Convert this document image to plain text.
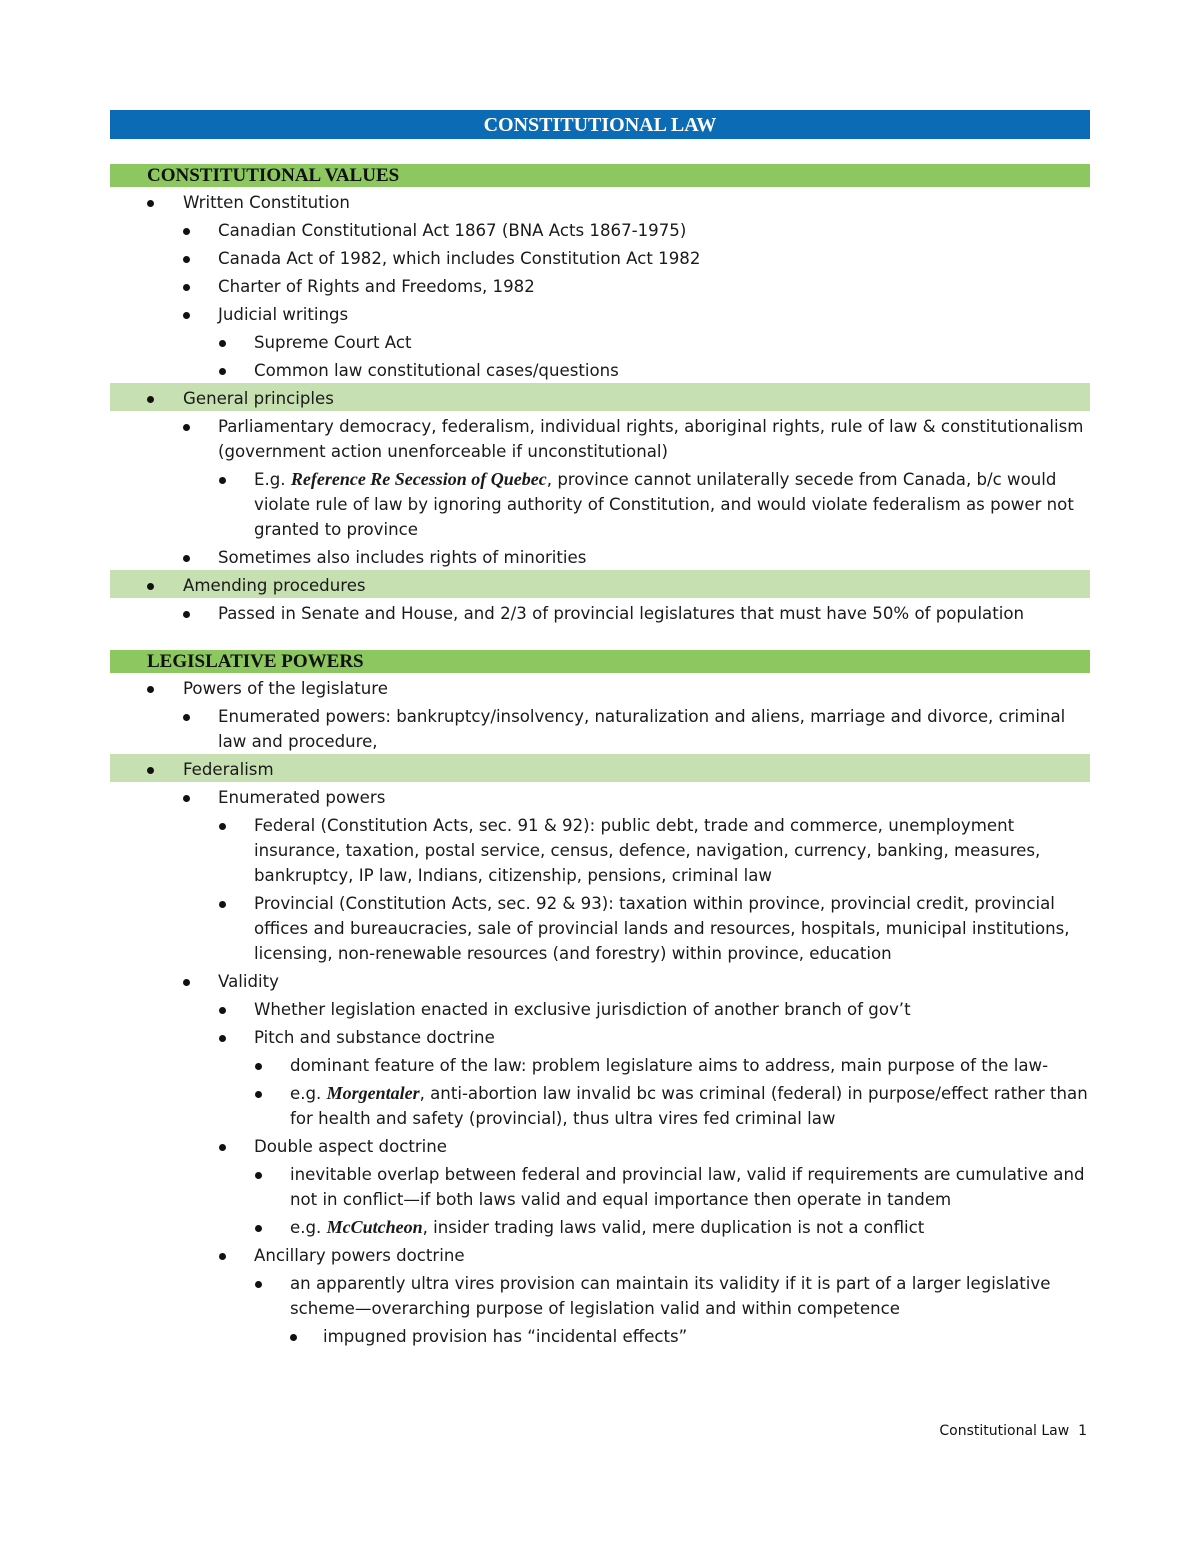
CONSTITUTIONAL LAW
CONSTITUTIONAL VALUES
Written Constitution
Canadian Constitutional Act 1867 (BNA Acts 1867-1975)
Canada Act of 1982, which includes Constitution Act 1982
Charter of Rights and Freedoms, 1982
Judicial writings
Supreme Court Act
Common law constitutional cases/questions
General principles
Parliamentary democracy, federalism, individual rights, aboriginal rights, rule of law & constitutionalism (government action unenforceable if unconstitutional)
E.g. Reference Re Secession of Quebec, province cannot unilaterally secede from Canada, b/c would violate rule of law by ignoring authority of Constitution, and would violate federalism as power not granted to province
Sometimes also includes rights of minorities
Amending procedures
Passed in Senate and House, and 2/3 of provincial legislatures that must have 50% of population
LEGISLATIVE POWERS
Powers of the legislature
Enumerated powers: bankruptcy/insolvency, naturalization and aliens, marriage and divorce, criminal law and procedure,
Federalism
Enumerated powers
Federal (Constitution Acts, sec. 91 & 92): public debt, trade and commerce, unemployment insurance, taxation, postal service, census, defence, navigation, currency, banking, measures, bankruptcy, IP law, Indians, citizenship, pensions, criminal law
Provincial (Constitution Acts, sec. 92 & 93): taxation within province, provincial credit, provincial offices and bureaucracies, sale of provincial lands and resources, hospitals, municipal institutions, licensing, non-renewable resources (and forestry) within province, education
Validity
Whether legislation enacted in exclusive jurisdiction of another branch of gov’t
Pitch and substance doctrine
dominant feature of the law: problem legislature aims to address, main purpose of the law-
e.g. Morgentaler, anti-abortion law invalid bc was criminal (federal) in purpose/effect rather than for health and safety (provincial), thus ultra vires fed criminal law
Double aspect doctrine
inevitable overlap between federal and provincial law, valid if requirements are cumulative and not in conflict—if both laws valid and equal importance then operate in tandem
e.g. McCutcheon, insider trading laws valid, mere duplication is not a conflict
Ancillary powers doctrine
an apparently ultra vires provision can maintain its validity if it is part of a larger legislative scheme—overarching purpose of legislation valid and within competence
impugned provision has “incidental effects”
Constitutional Law  1
